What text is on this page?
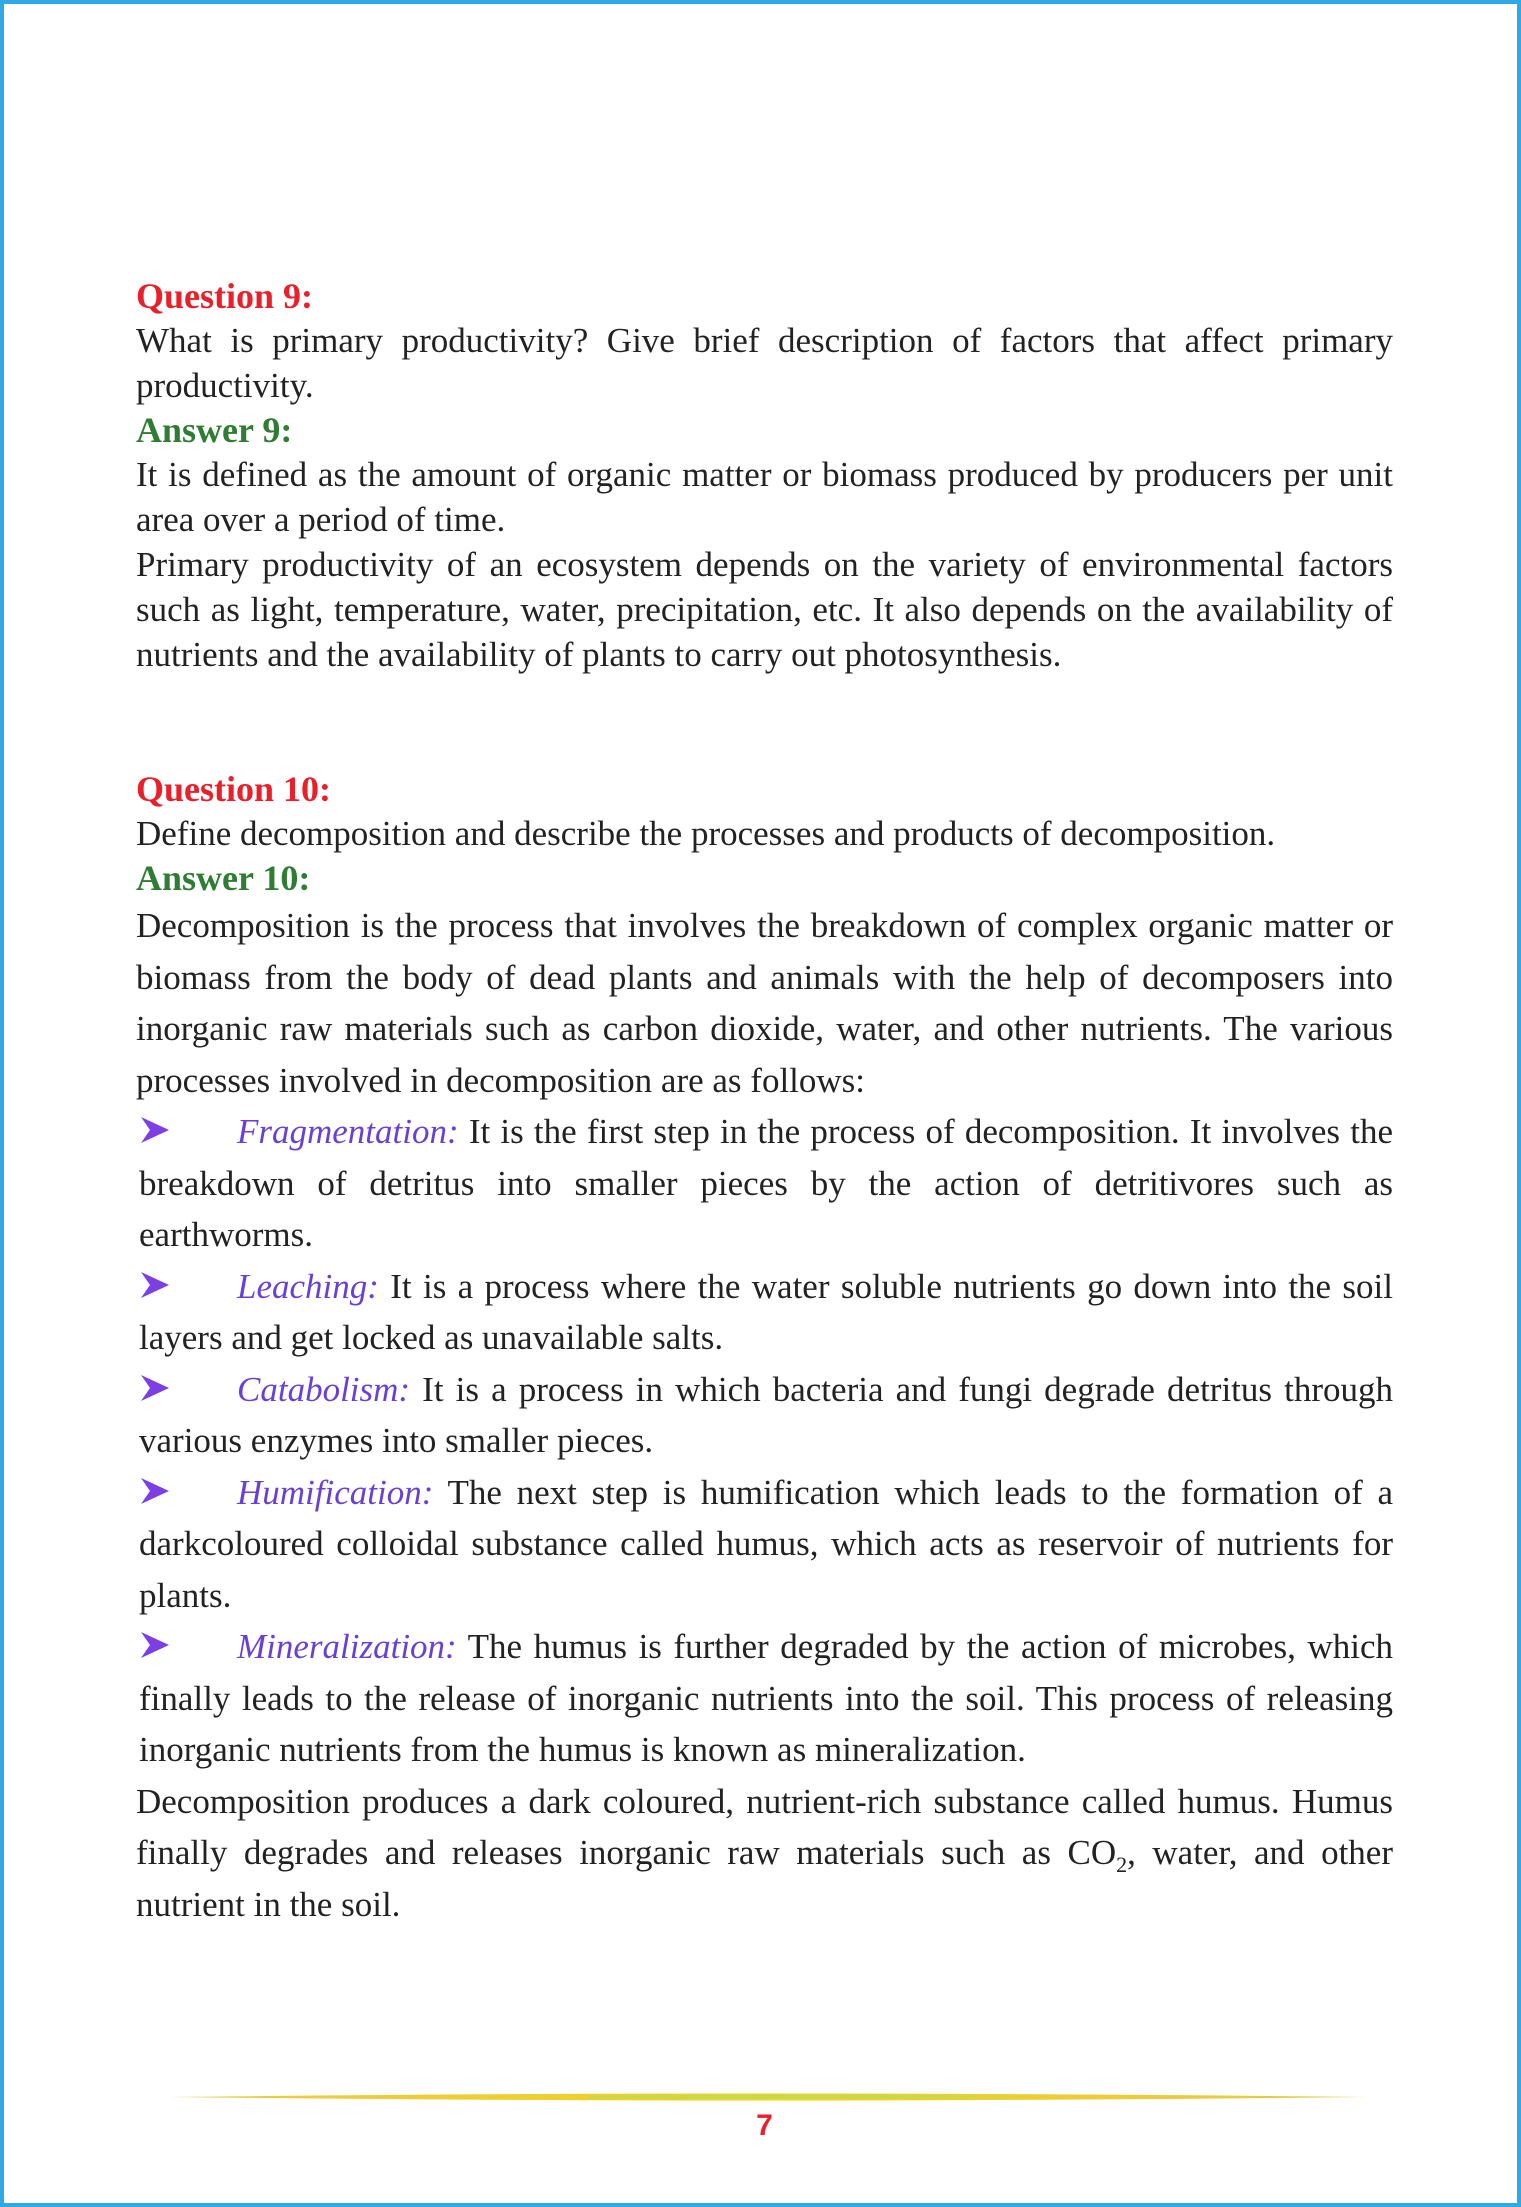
Question 9:

What is primary productivity? Give brief description of factors that affect primary productivity.

Answer 9:

It is defined as the amount of organic matter or biomass produced by producers per unit area over a period of time.

Primary productivity of an ecosystem depends on the variety of environmental factors such as light, temperature, water, precipitation, etc. It also depends on the availability of nutrients and the availability of plants to carry out photosynthesis.

Question 10:

Define decomposition and describe the processes and products of decomposition.

Answer 10:

Decomposition is the process that involves the breakdown of complex organic matter or biomass from the body of dead plants and animals with the help of decomposers into inorganic raw materials such as carbon dioxide, water, and other nutrients. The various processes involved in decomposition are as follows:

Fragmentation: It is the first step in the process of decomposition. It involves the breakdown of detritus into smaller pieces by the action of detritivores such as earthworms.

Leaching: It is a process where the water soluble nutrients go down into the soil layers and get locked as unavailable salts.

Catabolism: It is a process in which bacteria and fungi degrade detritus through various enzymes into smaller pieces.

Humification: The next step is humification which leads to the formation of a darkcoloured colloidal substance called humus, which acts as reservoir of nutrients for plants.

Mineralization: The humus is further degraded by the action of microbes, which finally leads to the release of inorganic nutrients into the soil. This process of releasing inorganic nutrients from the humus is known as mineralization.

Decomposition produces a dark coloured, nutrient-rich substance called humus. Humus finally degrades and releases inorganic raw materials such as $CO_2$, water, and other nutrient in the soil.

7
